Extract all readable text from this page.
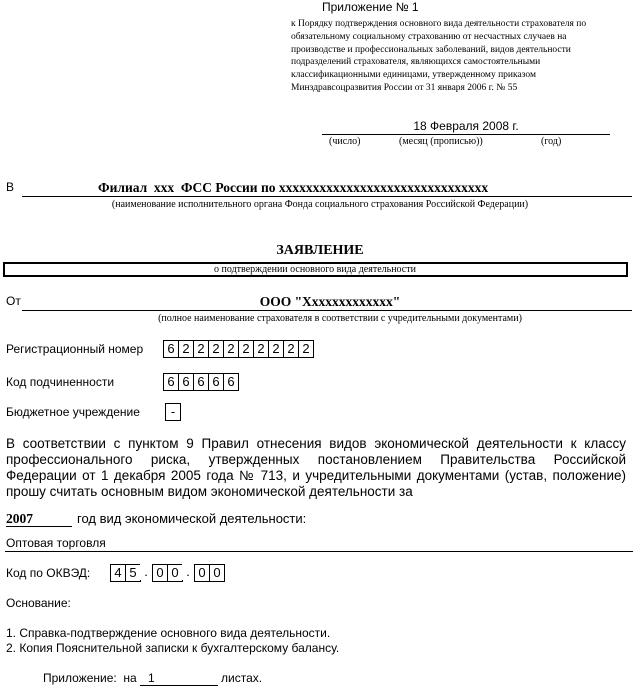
Приложение № 1
к Порядку подтверждения основного вида деятельности страхователя по
обязательному социальному страхованию от несчастных случаев на
производстве и профессиональных заболеваний, видов деятельности
подразделений страхователя, являющихся самостоятельными
классификационными единицами, утвержденному приказом
Минздравсоцразвития России от 31 января 2006 г. № 55
18 Февраля 2008 г.
(число)	(месяц (прописью))	(год)
В	Филиал  xxx  ФСС России по xxxxxxxxxxxxxxxxxxxxxxxxxxxxxxx
(наименование исполнительного органа Фонда социального страхования Российской Федерации)
ЗАЯВЛЕНИЕ
о подтверждении основного вида деятельности
От	ООО "Xxxxxxxxxxxxx"
(полное наименование страхователя в соответствии с учредительными документами)
Регистрационный номер	6 2 2 2 2 2 2 2 2 2
Код подчиненности	6 6 6 6 6
Бюджетное учреждение	-
В соответствии с пунктом 9 Правил отнесения видов экономической деятельности к классу профессионального риска, утвержденных постановлением Правительства Российской Федерации от 1 декабря 2005 года № 713, и учредительными документами (устав, положение) прошу считать основным видом экономической деятельности за
2007	год вид экономической деятельности:
Оптовая торговля
Код по ОКВЭД:	4 5 . 0 0 . 0 0
Основание:
1. Справка-подтверждение основного вида деятельности.
2. Копия Пояснительной записки к бухгалтерскому балансу.
Приложение:  на 1	листах.
